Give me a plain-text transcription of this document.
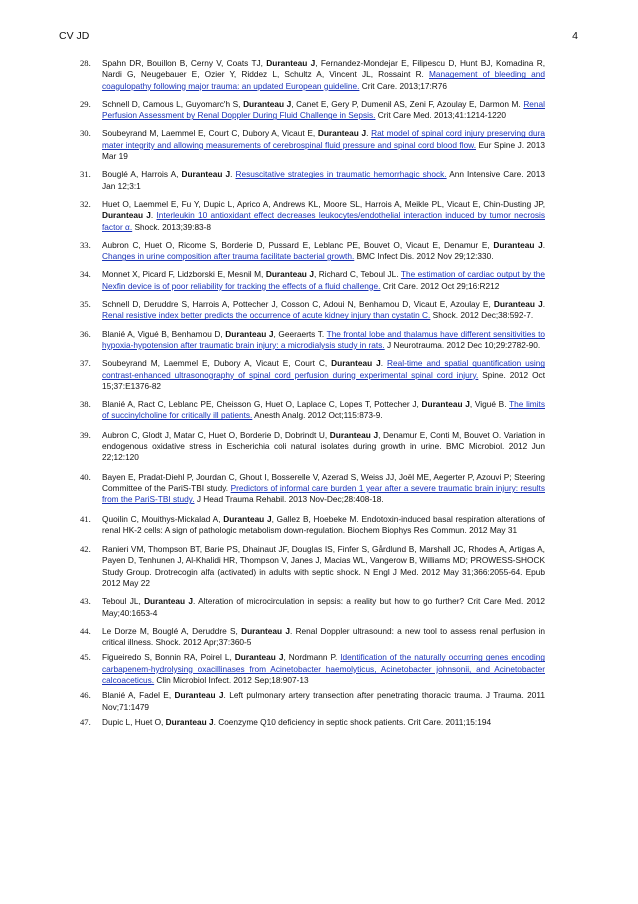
CV JD	4
28. Spahn DR, Bouillon B, Cerny V, Coats TJ, Duranteau J, Fernandez-Mondejar E, Filipescu D, Hunt BJ, Komadina R, Nardi G, Neugebauer E, Ozier Y, Riddez L, Schultz A, Vincent JL, Rossaint R. Management of bleeding and coagulopathy following major trauma: an updated European guideline. Crit Care. 2013;17:R76
29. Schnell D, Camous L, Guyomarc'h S, Duranteau J, Canet E, Gery P, Dumenil AS, Zeni F, Azoulay E, Darmon M. Renal Perfusion Assessment by Renal Doppler During Fluid Challenge in Sepsis. Crit Care Med. 2013;41:1214-1220
30. Soubeyrand M, Laemmel E, Court C, Dubory A, Vicaut E, Duranteau J. Rat model of spinal cord injury preserving dura mater integrity and allowing measurements of cerebrospinal fluid pressure and spinal cord blood flow. Eur Spine J. 2013 Mar 19
31. Bouglé A, Harrois A, Duranteau J. Resuscitative strategies in traumatic hemorrhagic shock. Ann Intensive Care. 2013 Jan 12;3:1
32. Huet O, Laemmel E, Fu Y, Dupic L, Aprico A, Andrews KL, Moore SL, Harrois A, Meikle PL, Vicaut E, Chin-Dusting JP, Duranteau J. Interleukin 10 antioxidant effect decreases leukocytes/endothelial interaction induced by tumor necrosis factor α. Shock. 2013;39:83-8
33. Aubron C, Huet O, Ricome S, Borderie D, Pussard E, Leblanc PE, Bouvet O, Vicaut E, Denamur E, Duranteau J. Changes in urine composition after trauma facilitate bacterial growth. BMC Infect Dis. 2012 Nov 29;12:330.
34. Monnet X, Picard F, Lidzborski E, Mesnil M, Duranteau J, Richard C, Teboul JL. The estimation of cardiac output by the Nexfin device is of poor reliability for tracking the effects of a fluid challenge. Crit Care. 2012 Oct 29;16:R212
35. Schnell D, Deruddre S, Harrois A, Pottecher J, Cosson C, Adoui N, Benhamou D, Vicaut E, Azoulay E, Duranteau J. Renal resistive index better predicts the occurrence of acute kidney injury than cystatin C. Shock. 2012 Dec;38:592-7.
36. Blanié A, Vigué B, Benhamou D, Duranteau J, Geeraerts T. The frontal lobe and thalamus have different sensitivities to hypoxia-hypotension after traumatic brain injury: a microdialysis study in rats. J Neurotrauma. 2012 Dec 10;29:2782-90.
37. Soubeyrand M, Laemmel E, Dubory A, Vicaut E, Court C, Duranteau J. Real-time and spatial quantification using contrast-enhanced ultrasonography of spinal cord perfusion during experimental spinal cord injury. Spine. 2012 Oct 15;37:E1376-82
38. Blanié A, Ract C, Leblanc PE, Cheisson G, Huet O, Laplace C, Lopes T, Pottecher J, Duranteau J, Vigué B. The limits of succinylcholine for critically ill patients. Anesth Analg. 2012 Oct;115:873-9.
39. Aubron C, Glodt J, Matar C, Huet O, Borderie D, Dobrindt U, Duranteau J, Denamur E, Conti M, Bouvet O. Variation in endogenous oxidative stress in Escherichia coli natural isolates during growth in urine. BMC Microbiol. 2012 Jun 22;12:120
40. Bayen E, Pradat-Diehl P, Jourdan C, Ghout I, Bosserelle V, Azerad S, Weiss JJ, Joël ME, Aegerter P, Azouvi P; Steering Committee of the PariS-TBI study. Predictors of informal care burden 1 year after a severe traumatic brain injury: results from the PariS-TBI study. J Head Trauma Rehabil. 2013 Nov-Dec;28:408-18.
41. Quoilin C, Mouithys-Mickalad A, Duranteau J, Gallez B, Hoebeke M. Endotoxin-induced basal respiration alterations of renal HK-2 cells: A sign of pathologic metabolism down-regulation. Biochem Biophys Res Commun. 2012 May 31
42. Ranieri VM, Thompson BT, Barie PS, Dhainaut JF, Douglas IS, Finfer S, Gårdlund B, Marshall JC, Rhodes A, Artigas A, Payen D, Tenhunen J, Al-Khalidi HR, Thompson V, Janes J, Macias WL, Vangerow B, Williams MD; PROWESS-SHOCK Study Group. Drotrecogin alfa (activated) in adults with septic shock. N Engl J Med. 2012 May 31;366:2055-64. Epub 2012 May 22
43. Teboul JL, Duranteau J. Alteration of microcirculation in sepsis: a reality but how to go further? Crit Care Med. 2012 May;40:1653-4
44. Le Dorze M, Bouglé A, Deruddre S, Duranteau J. Renal Doppler ultrasound: a new tool to assess renal perfusion in critical illness. Shock. 2012 Apr;37:360-5
45. Figueiredo S, Bonnin RA, Poirel L, Duranteau J, Nordmann P. Identification of the naturally occurring genes encoding carbapenem-hydrolysing oxacillinases from Acinetobacter haemolyticus, Acinetobacter johnsonii, and Acinetobacter calcoaceticus. Clin Microbiol Infect. 2012 Sep;18:907-13
46. Blanié A, Fadel E, Duranteau J. Left pulmonary artery transection after penetrating thoracic trauma. J Trauma. 2011 Nov;71:1479
47. Dupic L, Huet O, Duranteau J. Coenzyme Q10 deficiency in septic shock patients. Crit Care. 2011;15:194
